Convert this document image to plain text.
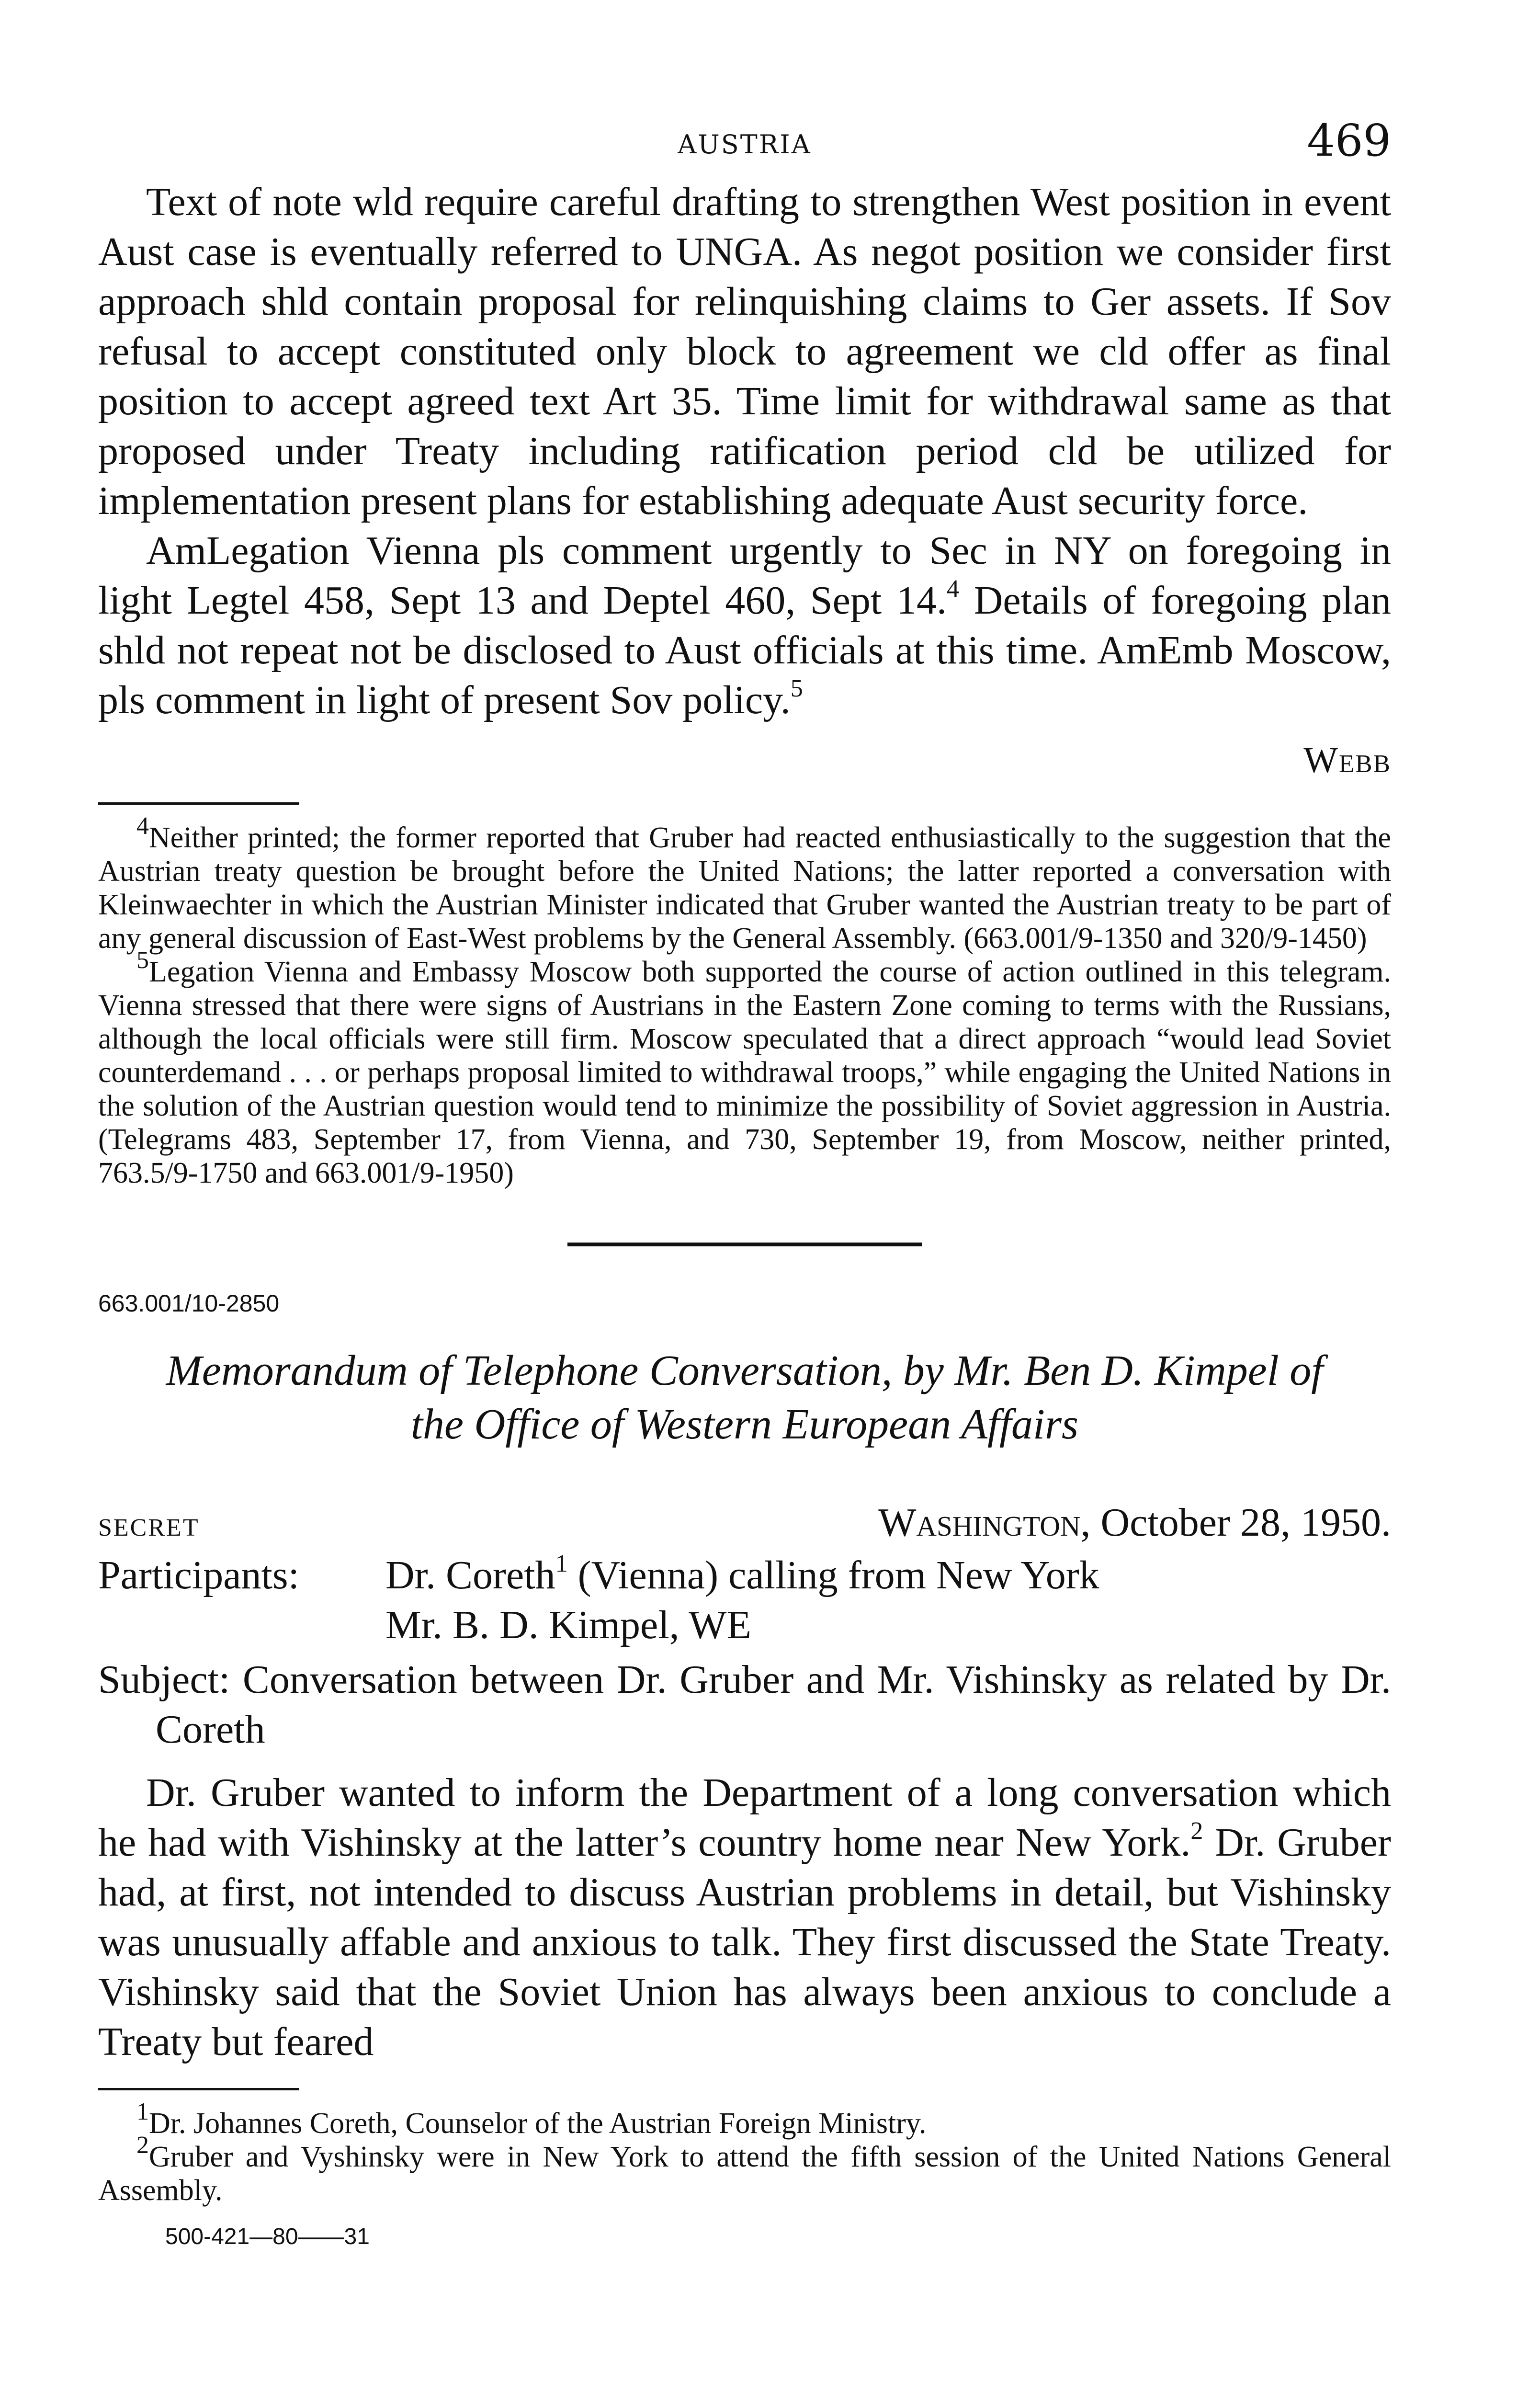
AUSTRIA	469

Text of note wld require careful drafting to strengthen West position in event Aust case is eventually referred to UNGA. As negot position we consider first approach shld contain proposal for relinquishing claims to Ger assets. If Sov refusal to accept constituted only block to agreement we cld offer as final position to accept agreed text Art 35. Time limit for withdrawal same as that proposed under Treaty including ratification period cld be utilized for implementation present plans for establishing adequate Aust security force.

AmLegation Vienna pls comment urgently to Sec in NY on foregoing in light Legtel 458, Sept 13 and Deptel 460, Sept 14.$^4$ Details of foregoing plan shld not repeat not be disclosed to Aust officials at this time. AmEmb Moscow, pls comment in light of present Sov policy.$^5$

Webb

$^4$Neither printed; the former reported that Gruber had reacted enthusiastically to the suggestion that the Austrian treaty question be brought before the United Nations; the latter reported a conversation with Kleinwaechter in which the Austrian Minister indicated that Gruber wanted the Austrian treaty to be part of any general discussion of East-West problems by the General Assembly. (663.001/9-1350 and 320/9-1450)

$^5$Legation Vienna and Embassy Moscow both supported the course of action outlined in this telegram. Vienna stressed that there were signs of Austrians in the Eastern Zone coming to terms with the Russians, although the local officials were still firm. Moscow speculated that a direct approach “would lead Soviet counterdemand . . . or perhaps proposal limited to withdrawal troops,” while engaging the United Nations in the solution of the Austrian question would tend to minimize the possibility of Soviet aggression in Austria. (Telegrams 483, September 17, from Vienna, and 730, September 19, from Moscow, neither printed, 763.5/9-1750 and 663.001/9-1950)

663.001/10-2850
Memorandum of Telephone Conversation, by Mr. Ben D. Kimpel of
the Office of Western European Affairs
SECRET	Washington, October 28, 1950.
Participants:	Dr. Coreth$^1$ (Vienna) calling from New York
Mr. B. D. Kimpel, WE
Subject: Conversation between Dr. Gruber and Mr. Vishinsky as related by Dr. Coreth

Dr. Gruber wanted to inform the Department of a long conversation which he had with Vishinsky at the latter’s country home near New York.$^2$ Dr. Gruber had, at first, not intended to discuss Austrian problems in detail, but Vishinsky was unusually affable and anxious to talk. They first discussed the State Treaty. Vishinsky said that the Soviet Union has always been anxious to conclude a Treaty but feared

$^1$Dr. Johannes Coreth, Counselor of the Austrian Foreign Ministry.

$^2$Gruber and Vyshinsky were in New York to attend the fifth session of the United Nations General Assembly.

500-421—80——31
